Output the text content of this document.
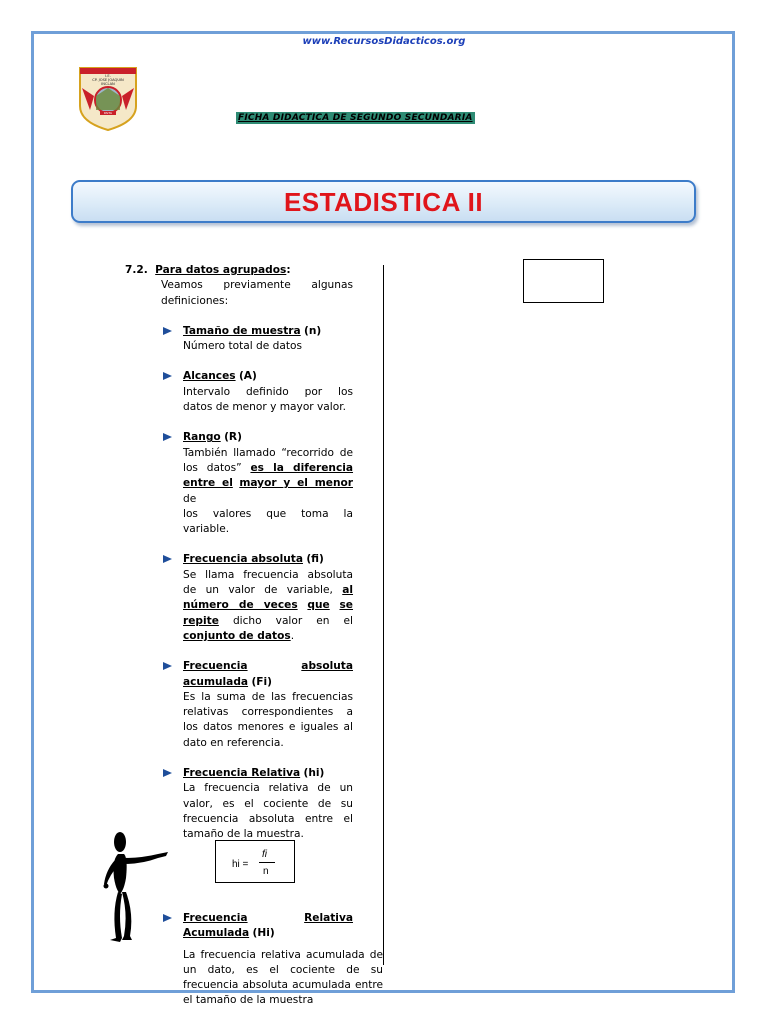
www.RecursosDidacticos.org
I.E.
CP. JOSE JOAQUIN
INCLAN
PAITA	FICHA DIDACTICA DE SEGUNDO SECUNDARIA
ESTADISTICA II
7.2. Para datos agrupados:
Veamos previamente algunas
definiciones:
Tamaño de muestra (n)
Número total de datos
Alcances (A)
Intervalo definido por los
datos de menor y mayor valor.
Rango (R)
También llamado “recorrido de
los datos” es la diferencia
entre el mayor y el menor de
los valores que toma la
variable.
Frecuencia absoluta (fi)
Se llama frecuencia absoluta
de un valor de variable, al
número de veces que se
repite dicho valor en el
conjunto de datos.
Frecuencia	absoluta
acumulada (Fi)
Es la suma de las frecuencias
relativas correspondientes a
los datos menores e iguales al
dato en referencia.
Frecuencia Relativa (hi)
La frecuencia relativa de un
valor, es el cociente de su
frecuencia absoluta entre el
tamaño de la muestra.
hi =
fi
n
Frecuencia	Relativa
Acumulada (Hi)
La frecuencia relativa acumulada de
un dato, es el cociente de su
frecuencia absoluta acumulada entre
el tamaño de la muestra
